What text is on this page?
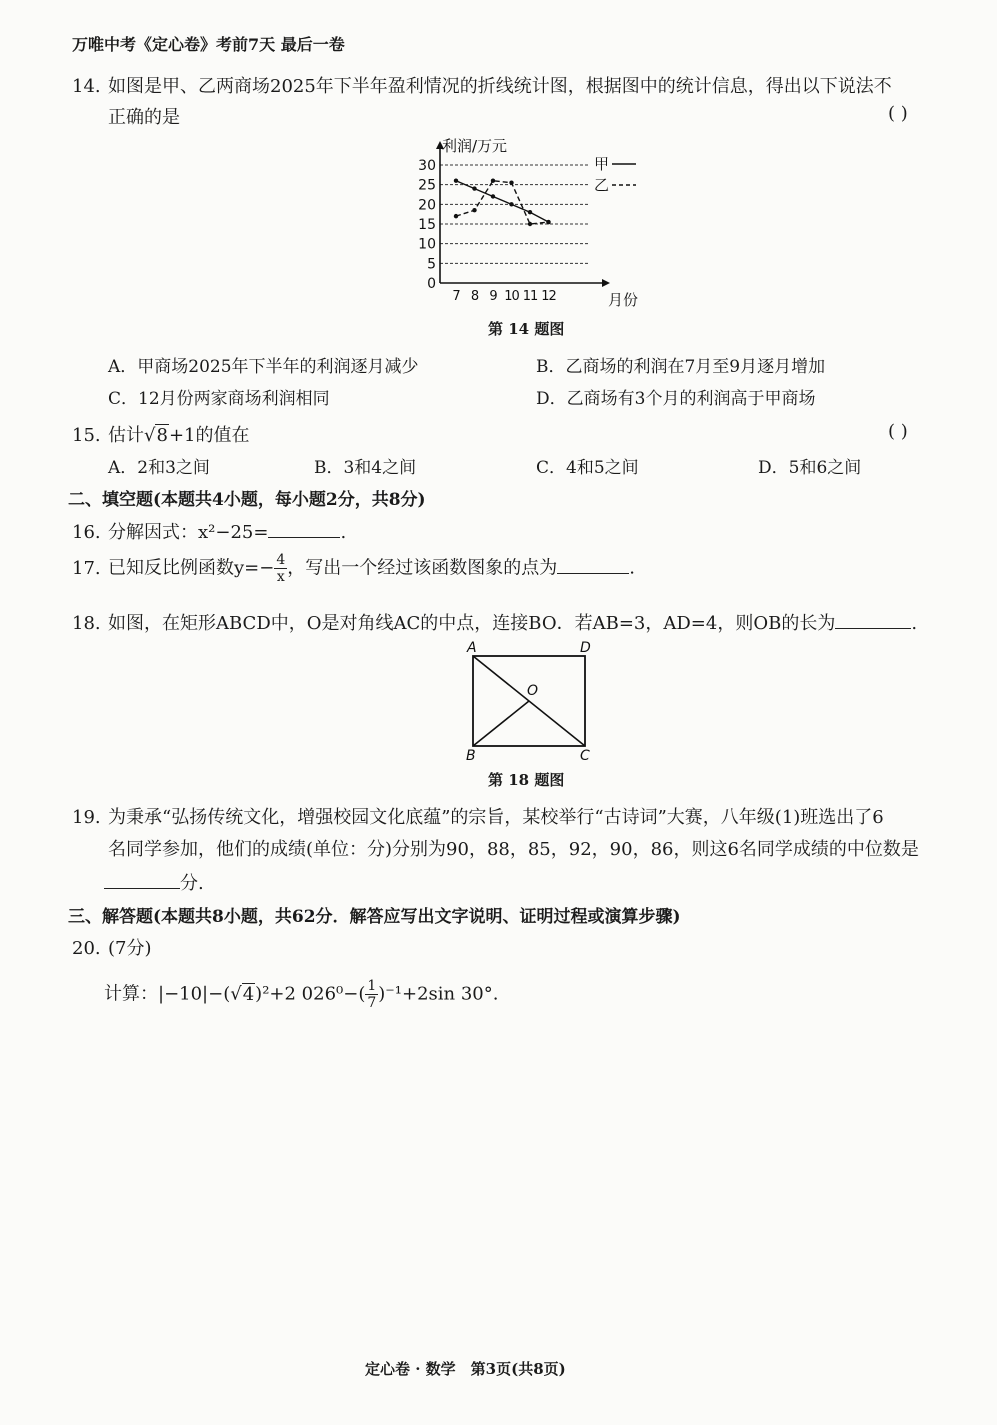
万唯中考《定心卷》考前7天 最后一卷
14. 如图是甲、乙两商场2025年下半年盈利情况的折线统计图，根据图中的统计信息，得出以下说法不
正确的是	( )
0
5
10
15
20
25
30
7 8 9 10 11 12
利润/万元
月份
甲
乙
第 14 题图
A．甲商场2025年下半年的利润逐月减少	B．乙商场的利润在7月至9月逐月增加
C．12月份两家商场利润相同	D．乙商场有3个月的利润高于甲商场
15. 估计√8+1的值在	( )
A．2和3之间	B．3和4之间	C．4和5之间	D．5和6之间
二、填空题(本题共4小题，每小题2分，共8分)
16. 分解因式：x²−25=	.
17. 已知反比例函数$y=- \frac{4}{x}$ ，写出一个经过该函数图象的点为	.
18. 如图，在矩形ABCD中，O是对角线AC的中点，连接BO．若AB=3，AD=4，则OB的长为	.
A	D
B	C
O
第 18 题图
19. 为秉承“弘扬传统文化，增强校园文化底蕴”的宗旨，某校举行“古诗词”大赛，八年级(1)班选出了6
名同学参加，他们的成绩(单位：分)分别为90，88，85，92，90，86，则这6名同学成绩的中位数是
分.
三、解答题(本题共8小题，共62分．解答应写出文字说明、证明过程或演算步骤)
20. (7分)
计算：|−10|−(√4)²+2 $026^0-( \frac{1}{7} )^{-1}+2\sin$ 30°.
定心卷 · 数学　第3页(共8页)
